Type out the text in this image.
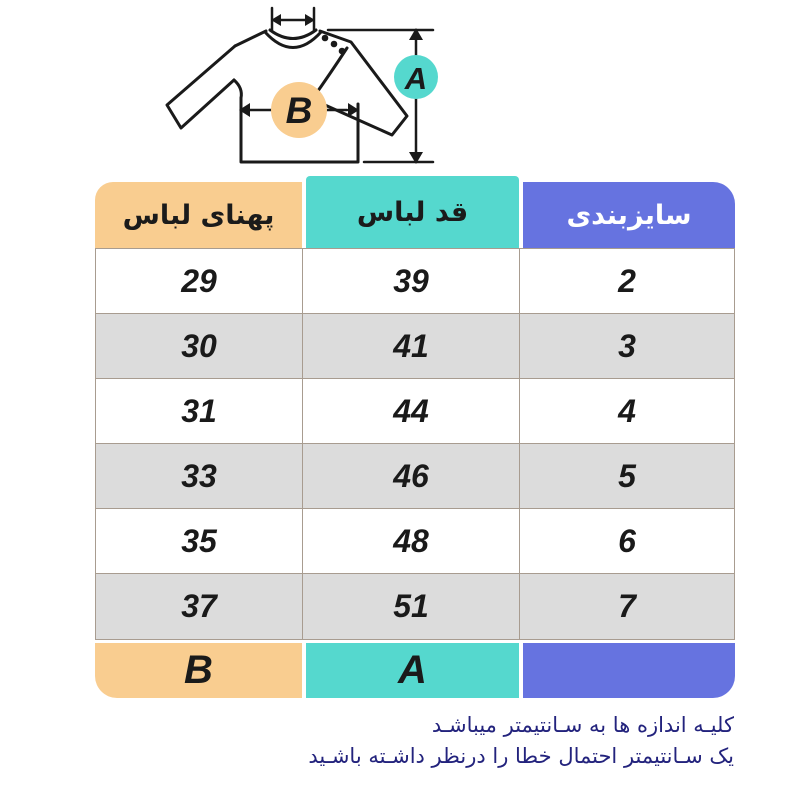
B
A
پهنای لباس	قد لباس	سایزبندی
29	39	2
30	41	3
31	44	4
33	46	5
35	48	6
37	51	7
B	A
کلیـه اندازه ها به سـانتیمتر میباشـد
یک سـانتیمتر احتمال خطا را درنظر داشـته باشـید
